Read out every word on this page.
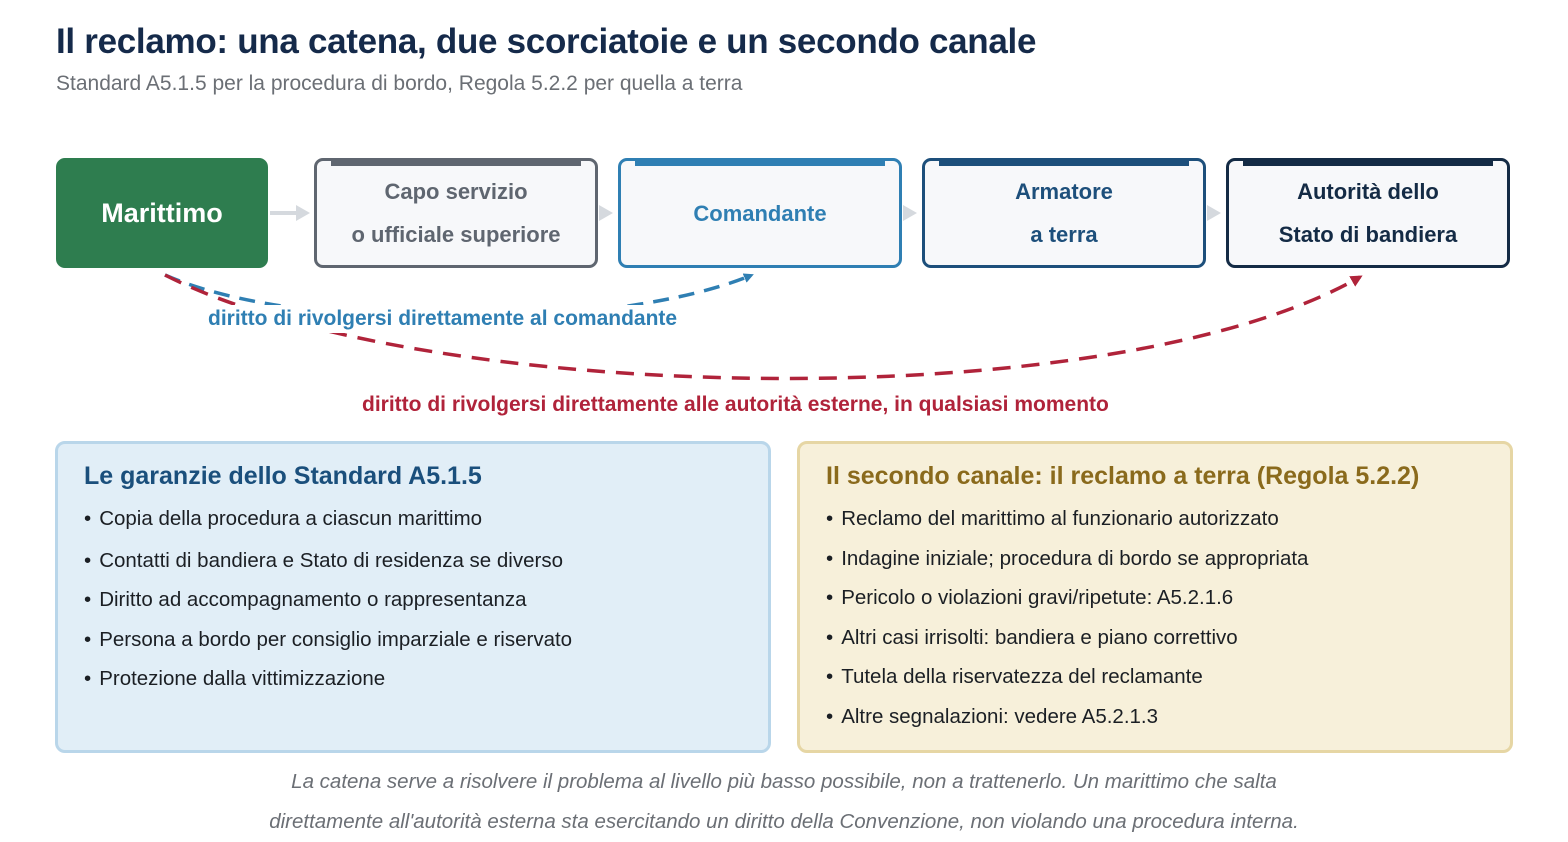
Il reclamo: una catena, due scorciatoie e un secondo canale
Standard A5.1.5 per la procedura di bordo, Regola 5.2.2 per quella a terra
Marittimo
Capo servizio
o ufficiale superiore
Comandante
Armatore
a terra
Autorità dello
Stato di bandiera
diritto di rivolgersi direttamente al comandante
diritto di rivolgersi direttamente alle autorità esterne, in qualsiasi momento
Le garanzie dello Standard A5.1.5
• Copia della procedura a ciascun marittimo
• Contatti di bandiera e Stato di residenza se diverso
• Diritto ad accompagnamento o rappresentanza
• Persona a bordo per consiglio imparziale e riservato
• Protezione dalla vittimizzazione
Il secondo canale: il reclamo a terra (Regola 5.2.2)
• Reclamo del marittimo al funzionario autorizzato
• Indagine iniziale; procedura di bordo se appropriata
• Pericolo o violazioni gravi/ripetute: A5.2.1.6
• Altri casi irrisolti: bandiera e piano correttivo
• Tutela della riservatezza del reclamante
• Altre segnalazioni: vedere A5.2.1.3
La catena serve a risolvere il problema al livello più basso possibile, non a trattenerlo. Un marittimo che salta
direttamente all'autorità esterna sta esercitando un diritto della Convenzione, non violando una procedura interna.
